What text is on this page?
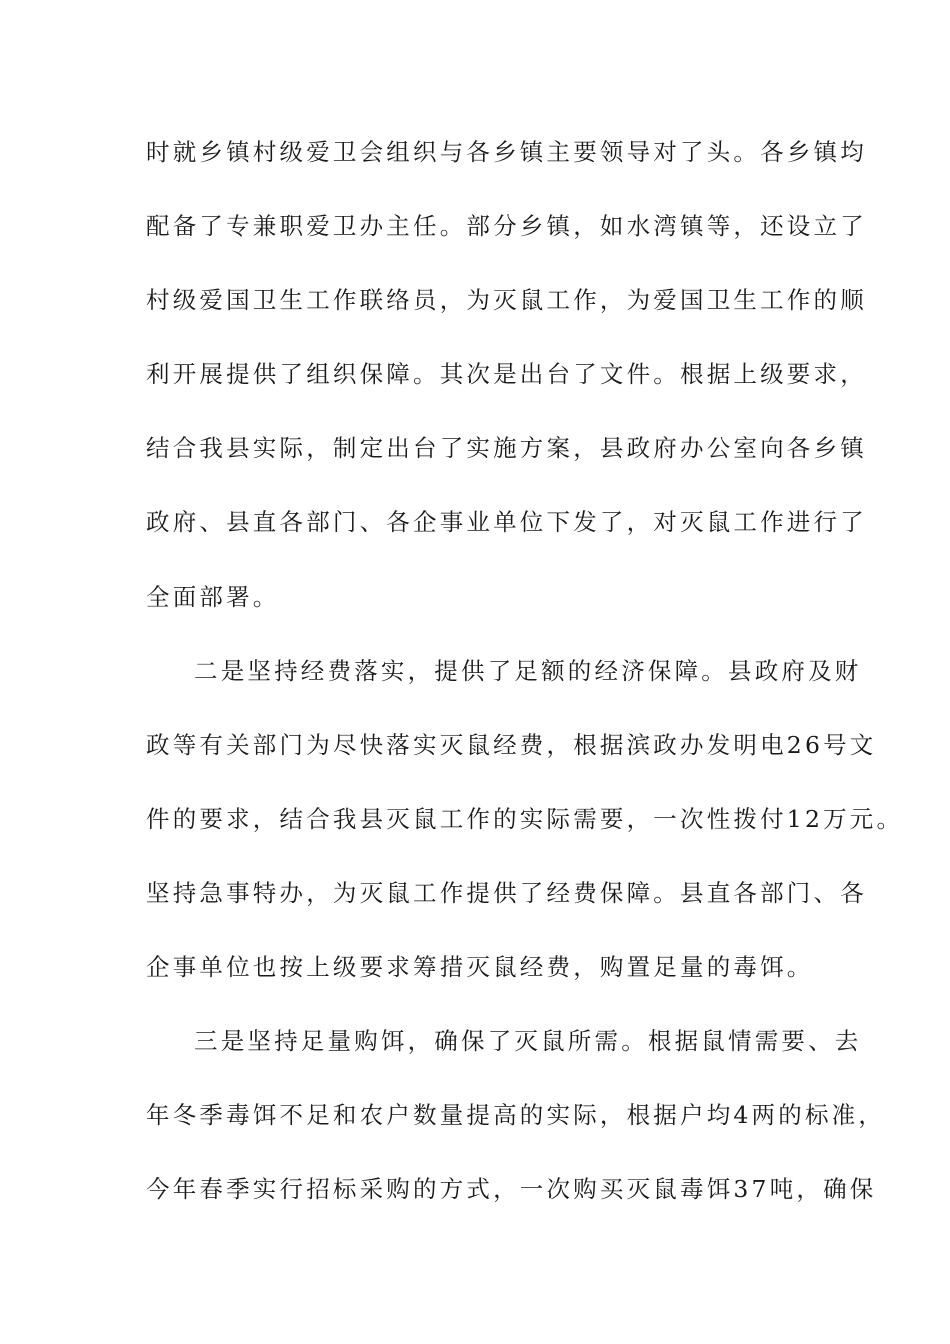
时就乡镇村级爱卫会组织与各乡镇主要领导对了头。各乡镇均
配备了专兼职爱卫办主任。部分乡镇，如水湾镇等，还设立了
村级爱国卫生工作联络员，为灭鼠工作，为爱国卫生工作的顺
利开展提供了组织保障。其次是出台了文件。根据上级要求，
结合我县实际，制定出台了实施方案，县政府办公室向各乡镇
政府、县直各部门、各企事业单位下发了，对灭鼠工作进行了
全面部署。
二是坚持经费落实，提供了足额的经济保障。县政府及财
政等有关部门为尽快落实灭鼠经费，根据滨政办发明电26号文
件的要求，结合我县灭鼠工作的实际需要，一次性拨付12万元。
坚持急事特办，为灭鼠工作提供了经费保障。县直各部门、各
企事单位也按上级要求筹措灭鼠经费，购置足量的毒饵。
三是坚持足量购饵，确保了灭鼠所需。根据鼠情需要、去
年冬季毒饵不足和农户数量提高的实际，根据户均4两的标准，
今年春季实行招标采购的方式，一次购买灭鼠毒饵37吨，确保
